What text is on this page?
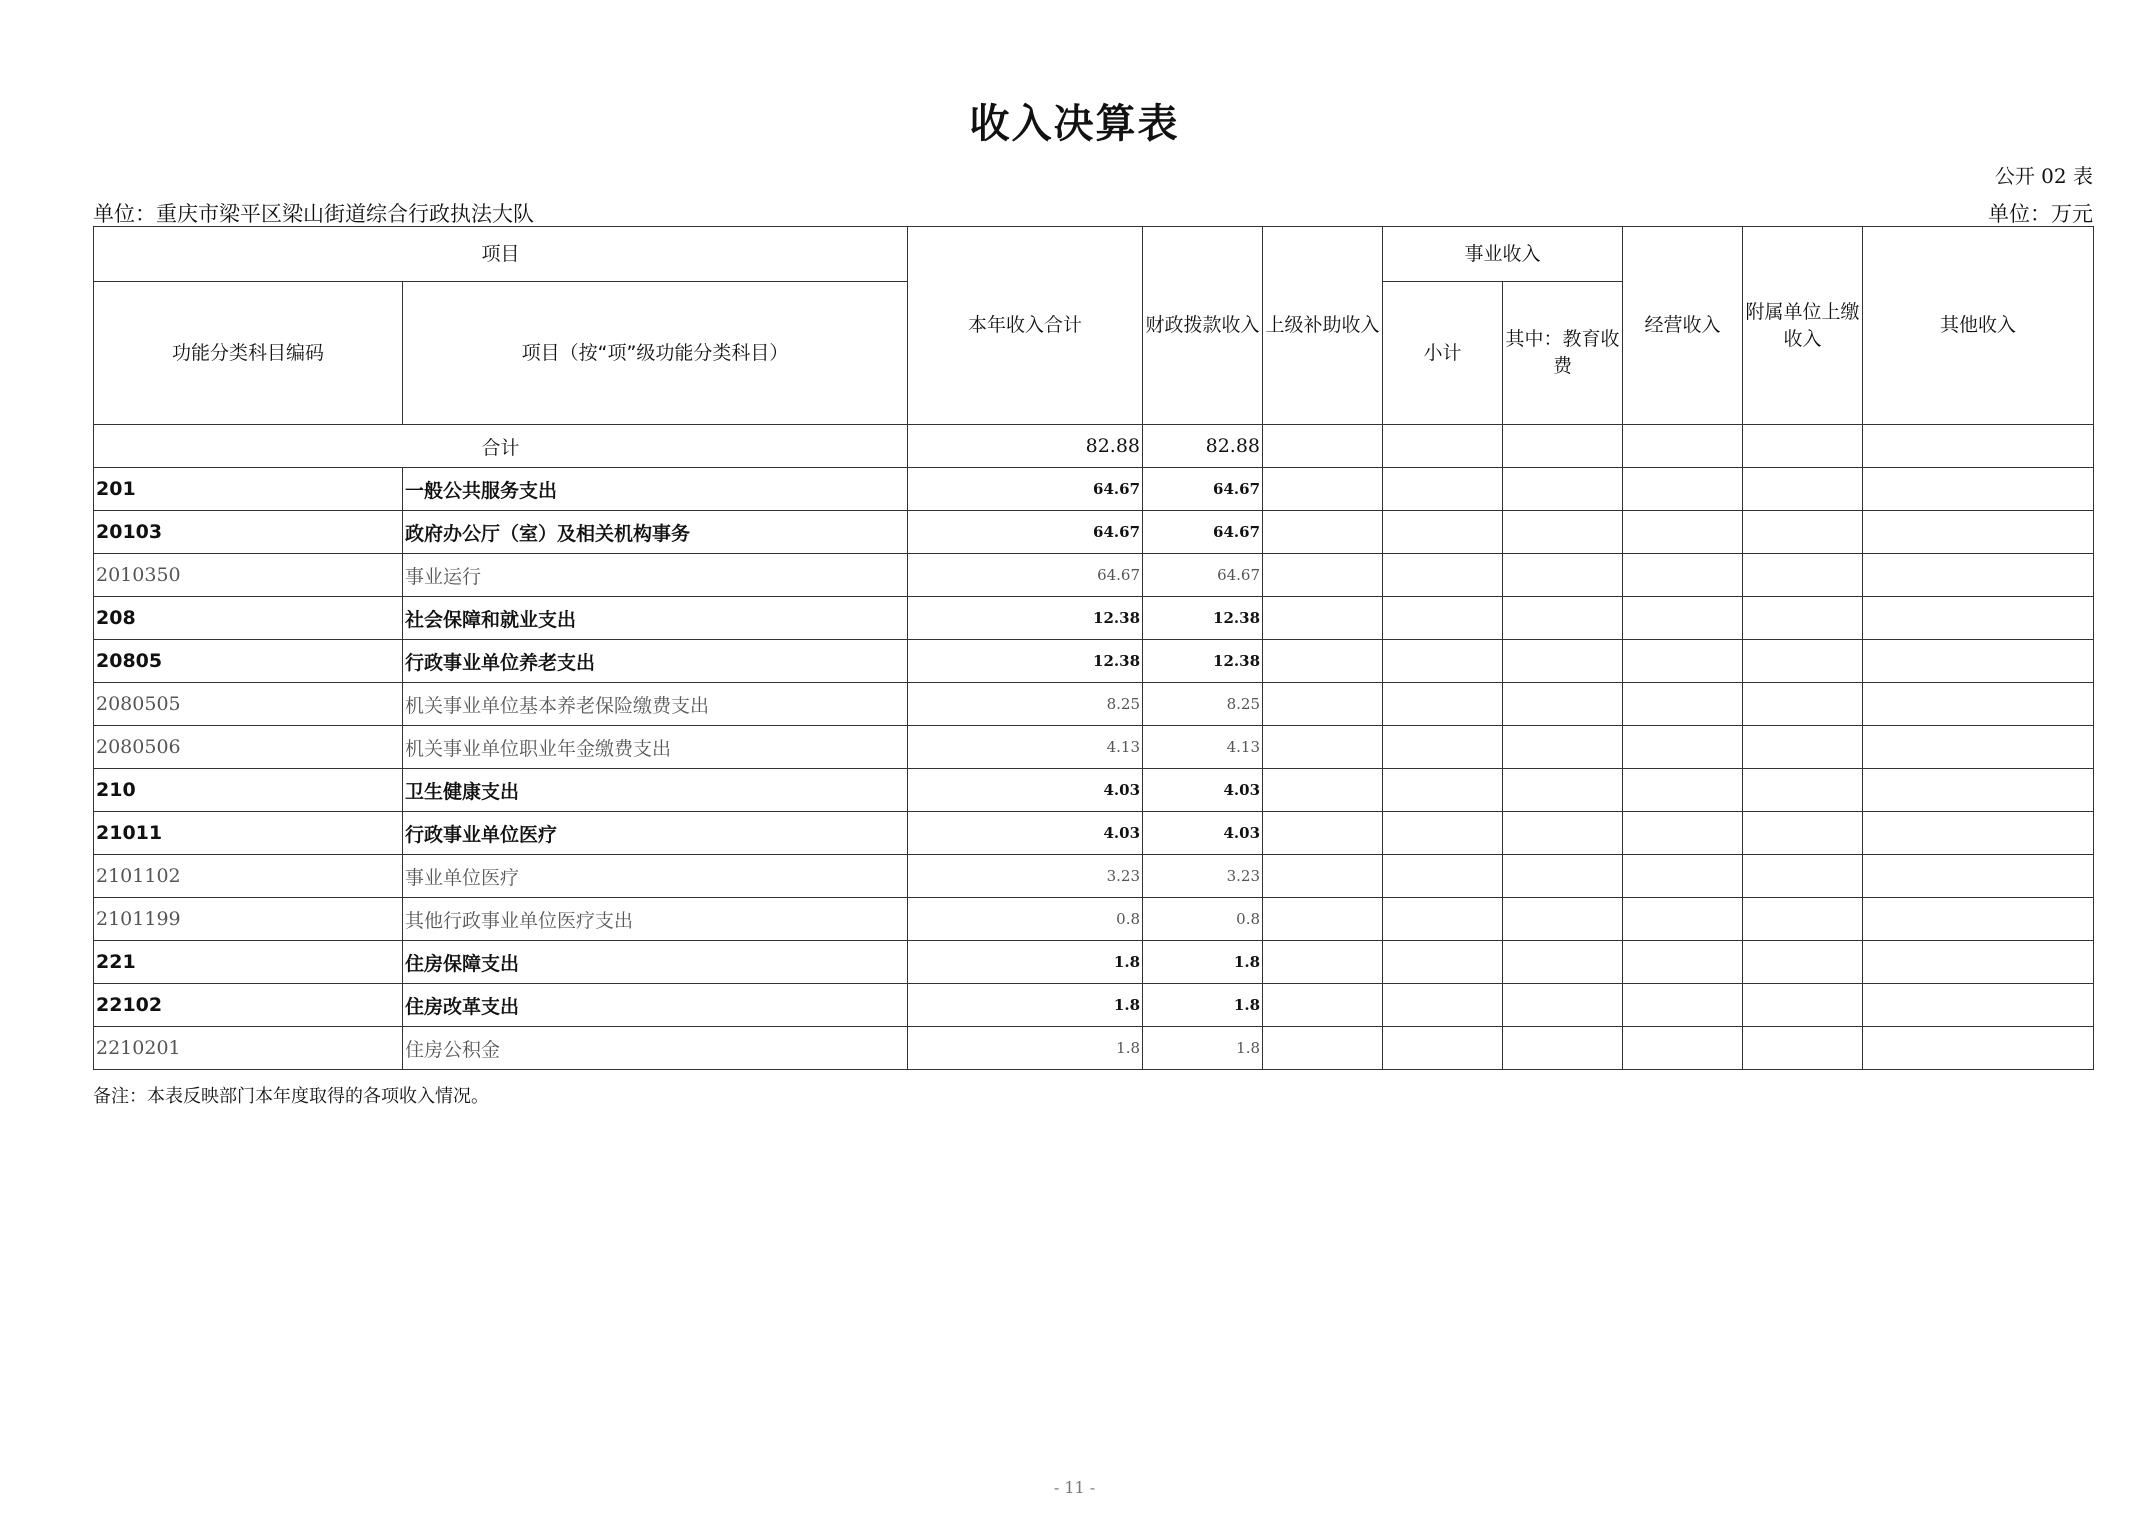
收入决算表
公开 02 表
单位：重庆市梁平区梁山街道综合行政执法大队	单位：万元
项目		本年收入合计	财政拨款收入	上级补助收入	事业收入		经营收入	附属单位上缴收入	其他收入
功能分类科目编码	项目（按“项”级功能分类科目）				小计	其中：教育收费			
合计		82.88	82.88						
201	一般公共服务支出	64.67	64.67						
20103	政府办公厅（室）及相关机构事务	64.67	64.67						
2010350	事业运行	64.67	64.67						
208	社会保障和就业支出	12.38	12.38						
20805	行政事业单位养老支出	12.38	12.38						
2080505	机关事业单位基本养老保险缴费支出	8.25	8.25						
2080506	机关事业单位职业年金缴费支出	4.13	4.13						
210	卫生健康支出	4.03	4.03						
21011	行政事业单位医疗	4.03	4.03						
2101102	事业单位医疗	3.23	3.23						
2101199	其他行政事业单位医疗支出	0.8	0.8						
221	住房保障支出	1.8	1.8						
22102	住房改革支出	1.8	1.8						
2210201	住房公积金	1.8	1.8						
备注：本表反映部门本年度取得的各项收入情况。
- 11 -
